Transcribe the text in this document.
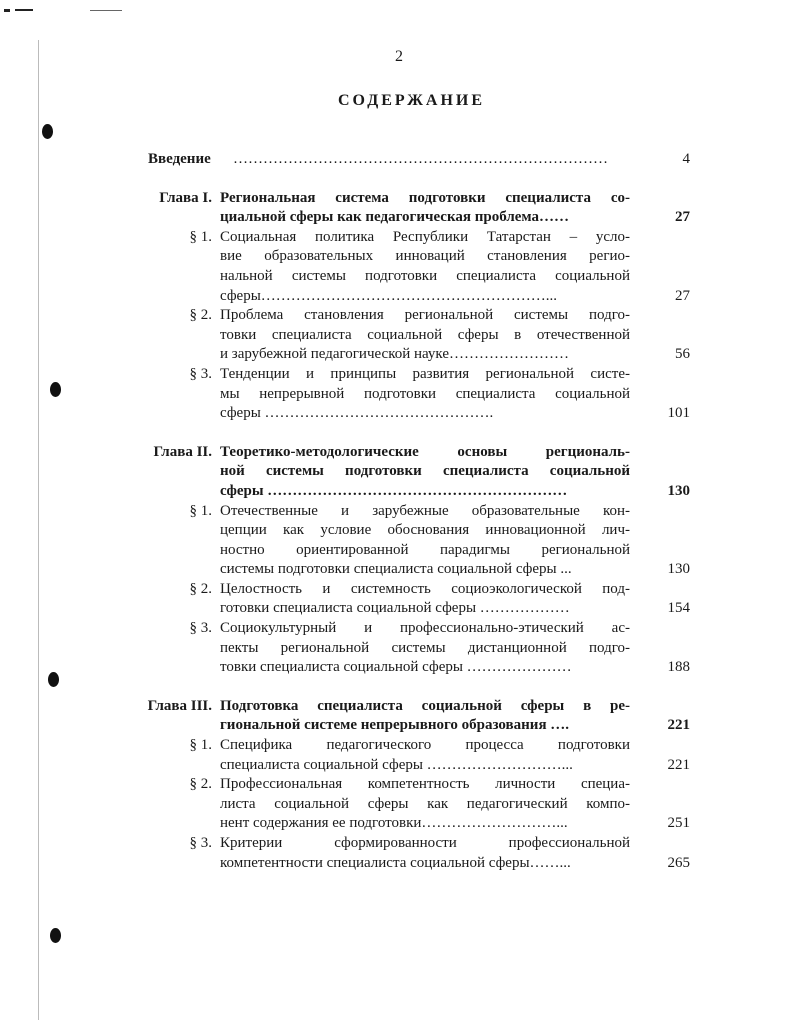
2
СОДЕРЖАНИЕ
Введение	…………………………………………………………………	4
Глава I. Региональная система подготовки специалиста со-
циальной сферы как педагогическая проблема……	27
§ 1. Социальная политика Республики Татарстан – усло-
вие образовательных инноваций становления регио-
нальной системы подготовки специалиста социальной
сферы…………………………………………………...	27
§ 2. Проблема становления региональной системы подго-
товки специалиста социальной сферы в отечественной
и зарубежной педагогической науке……………………	56
§ 3. Тенденции и принципы развития региональной систе-
мы непрерывной подготовки специалиста социальной
сферы ……………………………………….	101
Глава II. Теоретико-методологические основы регциональ-
ной системы подготовки специалиста социальной
сферы ……………………………………………………	130
§ 1. Отечественные и зарубежные образовательные кон-
цепции как условие обоснования инновационной лич-
ностно ориентированной парадигмы региональной
системы подготовки специалиста социальной сферы ...	130
§ 2. Целостность и системность социоэкологической под-
готовки специалиста социальной сферы ………………	154
§ 3. Социокультурный и профессионально-этический ас-
пекты региональной системы дистанционной подго-
товки специалиста социальной сферы …………………	188
Глава III. Подготовка специалиста социальной сферы в ре-
гиональной системе непрерывного образования ….	221
§ 1. Специфика педагогического процесса подготовки
специалиста социальной сферы ………………………...	221
§ 2. Профессиональная компетентность личности специа-
листа социальной сферы как педагогический компо-
нент содержания ее подготовки………………………...	251
§ 3. Критерии сформированности профессиональной
компетентности специалиста социальной сферы……...	265
